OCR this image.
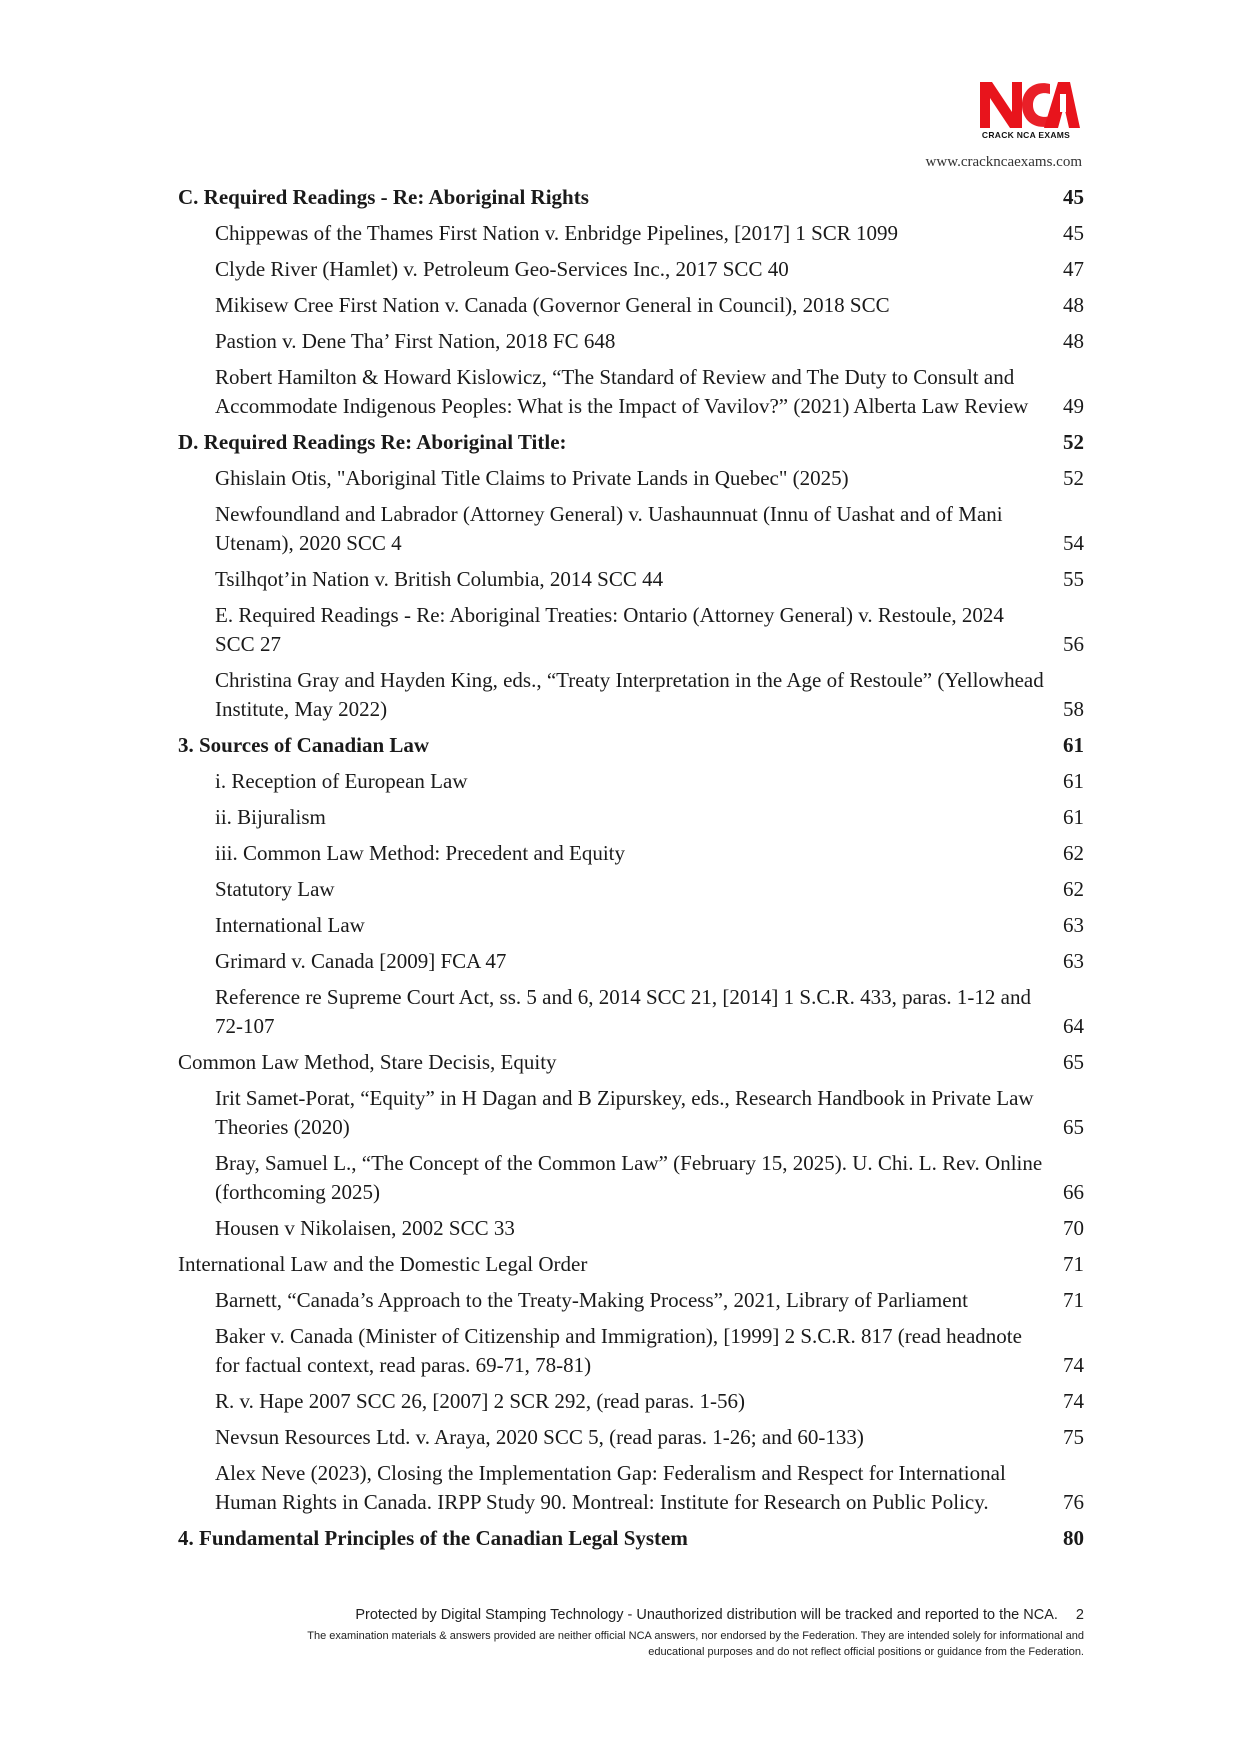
CRACK NCA EXAMS
www.crackncaexams.com
C. Required Readings - Re: Aboriginal Rights	45
Chippewas of the Thames First Nation v. Enbridge Pipelines, [2017] 1 SCR 1099	45
Clyde River (Hamlet) v. Petroleum Geo-Services Inc., 2017 SCC 40	47
Mikisew Cree First Nation v. Canada (Governor General in Council), 2018 SCC	48
Pastion v. Dene Tha’ First Nation, 2018 FC 648	48
Robert Hamilton & Howard Kislowicz, “The Standard of Review and The Duty to Consult and Accommodate Indigenous Peoples: What is the Impact of Vavilov?” (2021) Alberta Law Review	49
D. Required Readings Re: Aboriginal Title:	52
Ghislain Otis, "Aboriginal Title Claims to Private Lands in Quebec" (2025)	52
Newfoundland and Labrador (Attorney General) v. Uashaunnuat (Innu of Uashat and of Mani Utenam), 2020 SCC 4	54
Tsilhqot’in Nation v. British Columbia, 2014 SCC 44	55
E. Required Readings - Re: Aboriginal Treaties: Ontario (Attorney General) v. Restoule, 2024 SCC 27	56
Christina Gray and Hayden King, eds., “Treaty Interpretation in the Age of Restoule” (Yellowhead Institute, May 2022)	58
3. Sources of Canadian Law	61
i. Reception of European Law	61
ii. Bijuralism	61
iii. Common Law Method: Precedent and Equity	62
Statutory Law	62
International Law	63
Grimard v. Canada [2009] FCA 47	63
Reference re Supreme Court Act, ss. 5 and 6, 2014 SCC 21, [2014] 1 S.C.R. 433, paras. 1-12 and 72-107	64
Common Law Method, Stare Decisis, Equity	65
Irit Samet-Porat, “Equity” in H Dagan and B Zipurskey, eds., Research Handbook in Private Law Theories (2020)	65
Bray, Samuel L., “The Concept of the Common Law” (February 15, 2025). U. Chi. L. Rev. Online (forthcoming 2025)	66
Housen v Nikolaisen, 2002 SCC 33	70
International Law and the Domestic Legal Order	71
Barnett, “Canada’s Approach to the Treaty-Making Process”, 2021, Library of Parliament	71
Baker v. Canada (Minister of Citizenship and Immigration), [1999] 2 S.C.R. 817 (read headnote for factual context, read paras. 69-71, 78-81)	74
R. v. Hape 2007 SCC 26, [2007] 2 SCR 292, (read paras. 1-56)	74
Nevsun Resources Ltd. v. Araya, 2020 SCC 5, (read paras. 1-26; and 60-133)	75
Alex Neve (2023), Closing the Implementation Gap: Federalism and Respect for International Human Rights in Canada. IRPP Study 90. Montreal: Institute for Research on Public Policy.	76
4. Fundamental Principles of the Canadian Legal System	80
Protected by Digital Stamping Technology - Unauthorized distribution will be tracked and reported to the NCA. 2
The examination materials & answers provided are neither official NCA answers, nor endorsed by the Federation. They are intended solely for informational and
educational purposes and do not reflect official positions or guidance from the Federation.
